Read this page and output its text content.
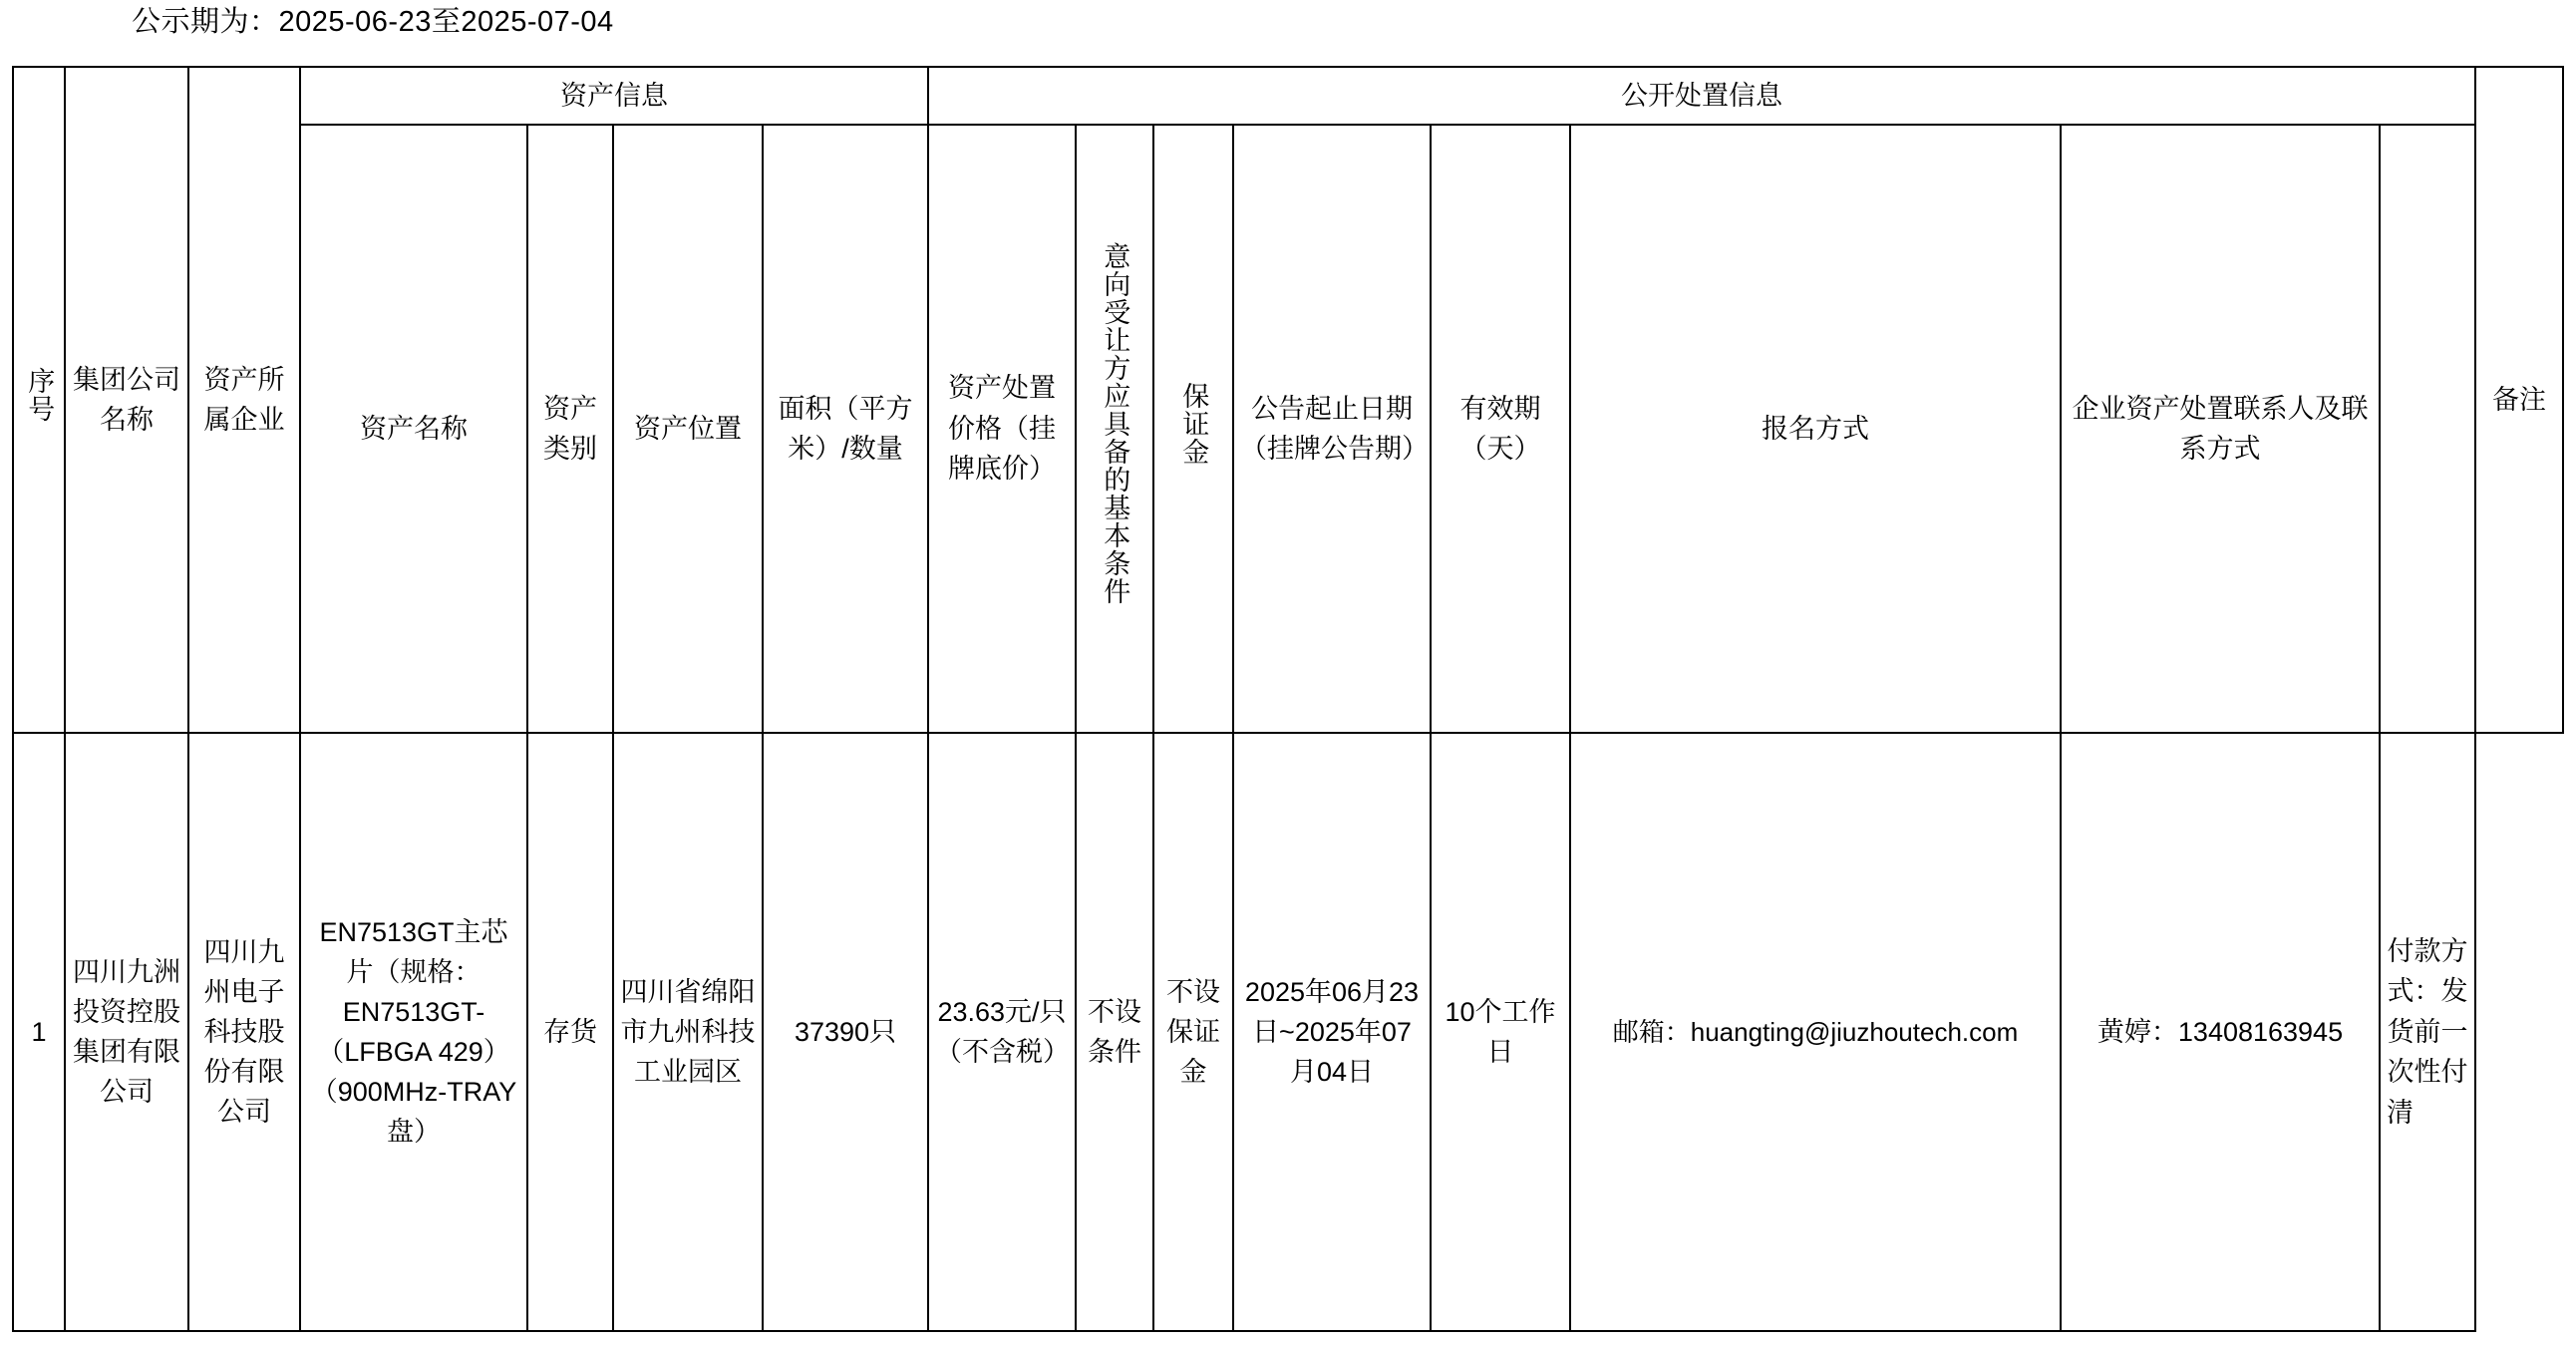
公示期为：2025-06-23至2025-07-04
序号	集团公司名称	资产所属企业	资产信息				公开处置信息								备注

			资产名称	资产类别	资产位置	面积（平方米）/数量	资产处置价格（挂牌底价）	意向受让方应具备的基本条件	保证金	公告起止日期（挂牌公告期）	有效期（天）	报名方式	企业资产处置联系人及联系方式		

1	四川九洲投资控股集团有限公司	四川九州电子科技股份有限公司	EN7513GT主芯片（规格：EN7513GT-（LFBGA 429）（900MHz-TRAY盘）	存货	四川省绵阳市九州科技工业园区	37390只	23.63元/只（不含税）	不设条件	不设保证金	2025年06月23日~2025年07月04日	10个工作日	邮箱：huangting@jiuzhoutech.com	黄婷：13408163945	付款方式：发货前一次性付清	
